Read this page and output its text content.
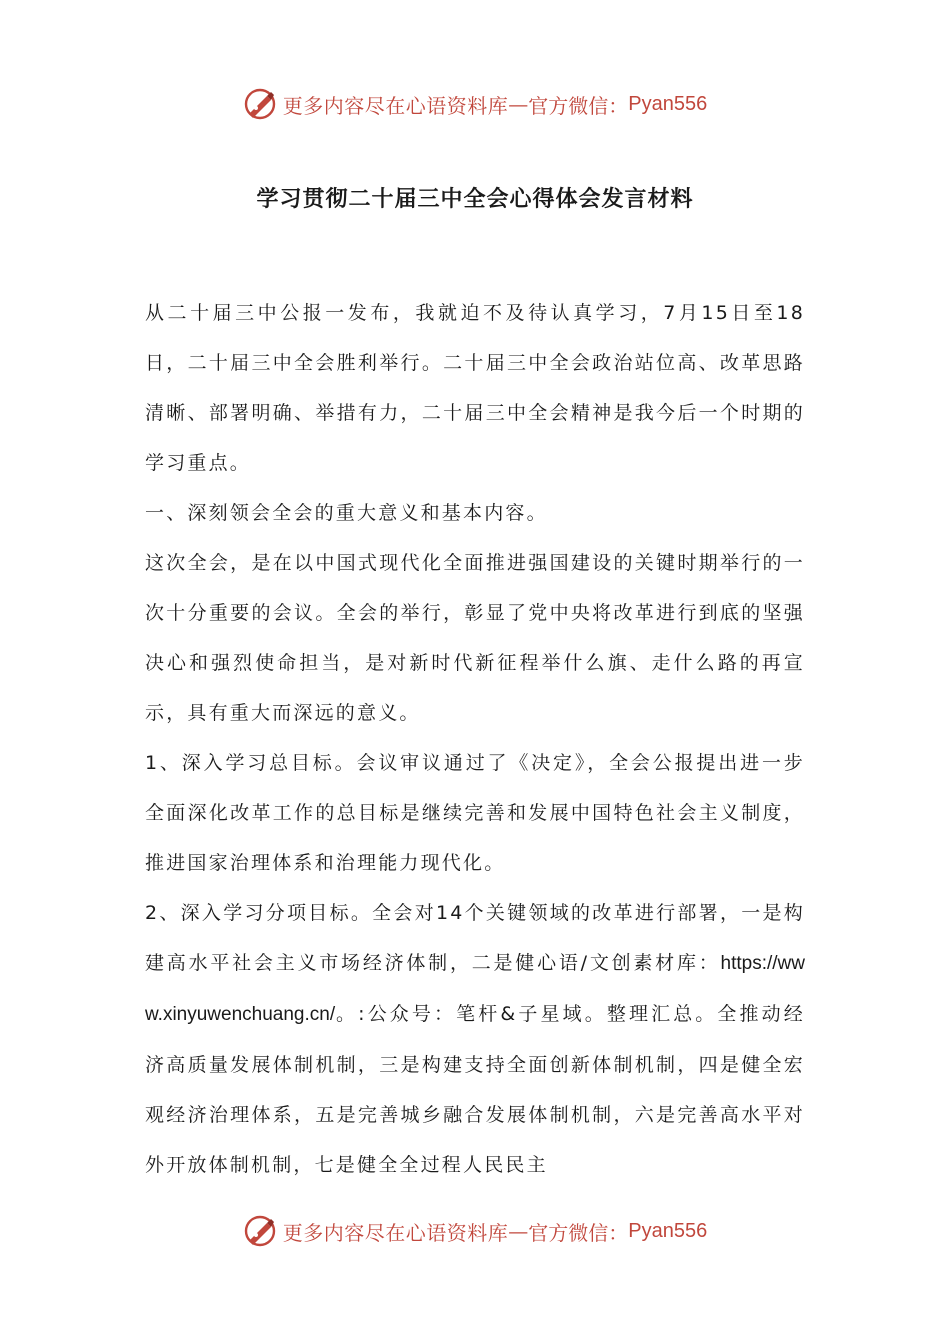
更多内容尽在心语资料库 — 官方微信： Pyan556
学习贯彻二十届三中全会心得体会发言材料

从二十届三中公报一发布，我就迫不及待认真学习，7月15日至18日，二十届三中全会胜利举行。二十届三中全会政治站位高、改革思路清晰、部署明确、举措有力，二十届三中全会精神是我今后一个时期的学习重点。

一、深刻领会全会的重大意义和基本内容。

这次全会，是在以中国式现代化全面推进强国建设的关键时期举行的一次十分重要的会议。全会的举行，彰显了党中央将改革进行到底的坚强决心和强烈使命担当，是对新时代新征程举什么旗、走什么路的再宣示，具有重大而深远的意义。

1、深入学习总目标。会议审议通过了《决定》，全会公报提出进一步全面深化改革工作的总目标是继续完善和发展中国特色社会主义制度，推进国家治理体系和治理能力现代化。

2、深入学习分项目标。全会对14个关键领域的改革进行部署，一是构建高水平社会主义市场经济体制，二是健心语/文创素材库：https://www.xinyuwenchuang.cn/。:公众号：笔杆&子星域。整理汇总。全推动经济高质量发展体制机制，三是构建支持全面创新体制机制，四是健全宏观经济治理体系，五是完善城乡融合发展体制机制，六是完善高水平对外开放体制机制，七是健全全过程人民民主

更多内容尽在心语资料库 — 官方微信： Pyan556
